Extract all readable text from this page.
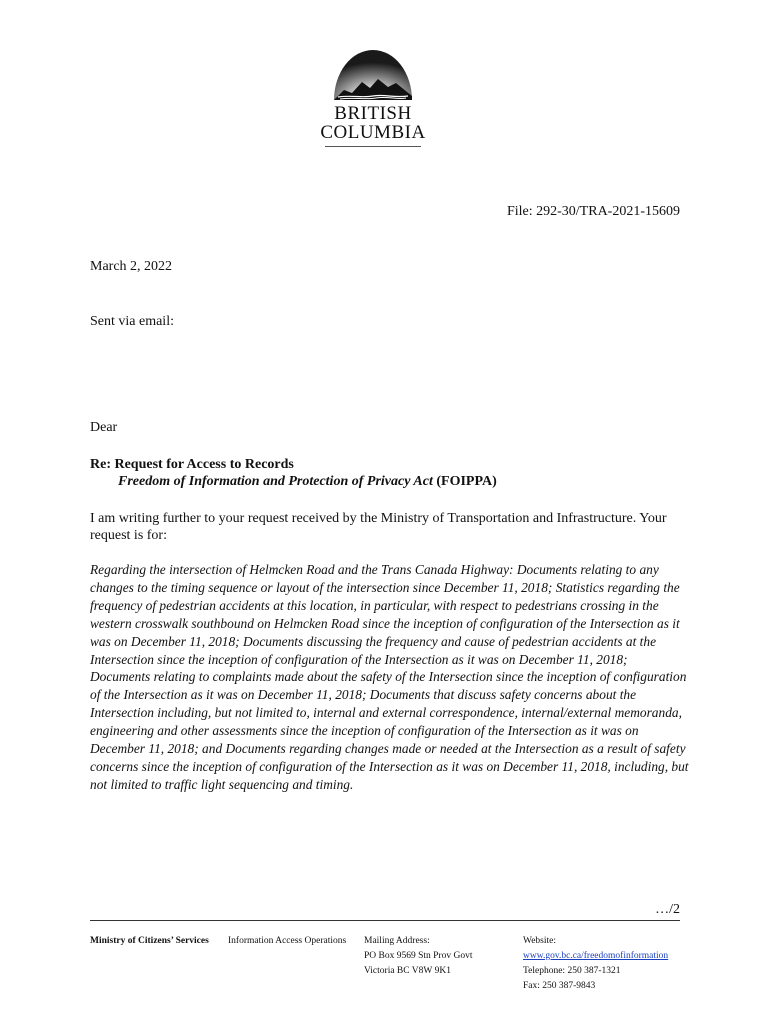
BRITISH
COLUMBIA
File: 292-30/TRA-2021-15609
March 2, 2022
Sent via email:
Dear
Re: Request for Access to Records
Freedom of Information and Protection of Privacy Act (FOIPPA)
I am writing further to your request received by the Ministry of Transportation and Infrastructure. Your request is for:
Regarding the intersection of Helmcken Road and the Trans Canada Highway: Documents relating to any changes to the timing sequence or layout of the intersection since December 11, 2018; Statistics regarding the frequency of pedestrian accidents at this location, in particular, with respect to pedestrians crossing in the western crosswalk southbound on Helmcken Road since the inception of configuration of the Intersection as it was on December 11, 2018; Documents discussing the frequency and cause of pedestrian accidents at the Intersection since the inception of configuration of the Intersection as it was on December 11, 2018; Documents relating to complaints made about the safety of the Intersection since the inception of configuration of the Intersection as it was on December 11, 2018; Documents that discuss safety concerns about the Intersection including, but not limited to, internal and external correspondence, internal/external memoranda, engineering and other assessments since the inception of configuration of the Intersection as it was on December 11, 2018; and Documents regarding changes made or needed at the Intersection as a result of safety concerns since the inception of configuration of the Intersection as it was on December 11, 2018, including, but not limited to traffic light sequencing and timing.
…/2
Ministry of Citizens’ Services Information Access Operations Mailing Address:
PO Box 9569 Stn Prov Govt
Victoria BC V8W 9K1
Website:
www.gov.bc.ca/freedomofinformation
Telephone: 250 387-1321
Fax: 250 387-9843
